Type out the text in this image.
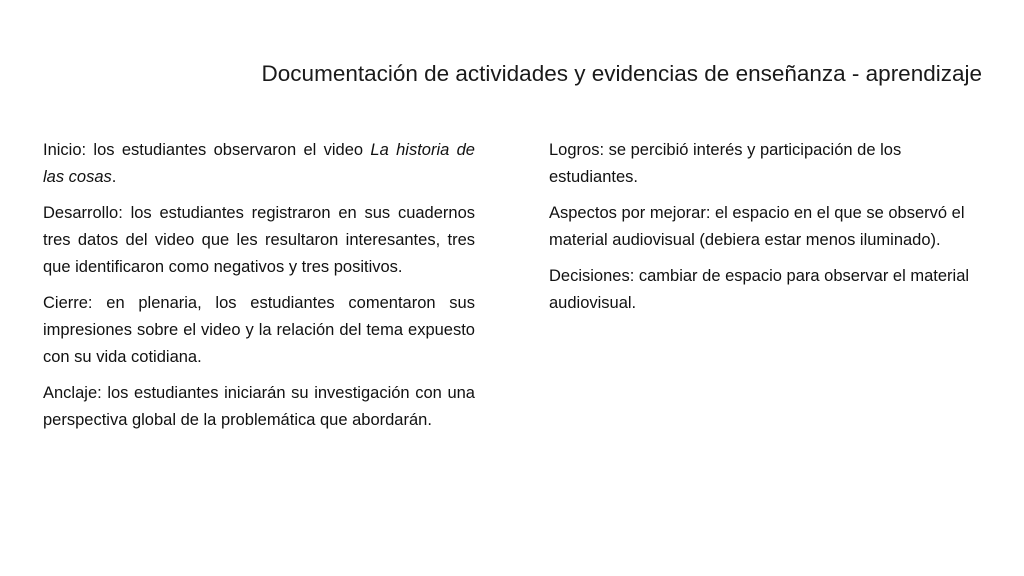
Documentación de actividades y evidencias de enseñanza - aprendizaje

Inicio: los estudiantes observaron el video La historia de las cosas.

Desarrollo: los estudiantes registraron en sus cuadernos tres datos del video que les resultaron interesantes, tres que identificaron como negativos y tres positivos.

Cierre: en plenaria, los estudiantes comentaron sus impresiones sobre el video y la relación del tema expuesto con su vida cotidiana.

Anclaje: los estudiantes iniciarán su investigación con una perspectiva global de la problemática que abordarán.

Logros: se percibió interés y participación de los estudiantes.

Aspectos por mejorar: el espacio en el que se observó el material audiovisual (debiera estar menos iluminado).

Decisiones: cambiar de espacio para observar el material audiovisual.
